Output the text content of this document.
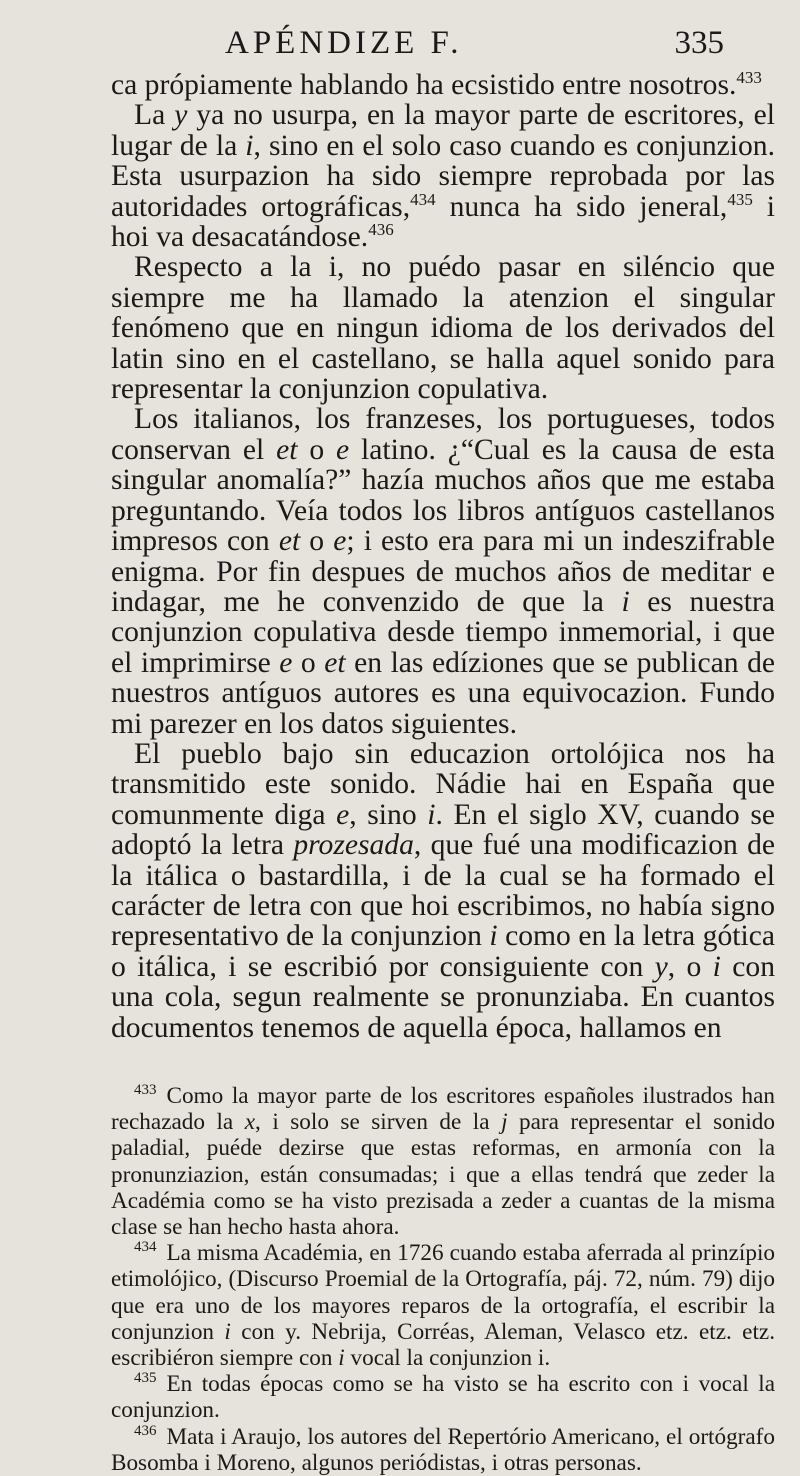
APÉNDIZE F.	335

ca própiamente hablando ha ecsistido entre nosotros.$^{433}$

La y ya no usurpa, en la mayor parte de escritores, el lugar de la i, sino en el solo caso cuando es conjunzion. Esta usurpazion ha sido siempre reprobada por las autoridades ortográficas,$^{434}$ nunca ha sido jeneral,$^{435}$ i hoi va desacatándose.$^{436}$

Respecto a la i, no puédo pasar en siléncio que siempre me ha llamado la atenzion el singular fenómeno que en ningun idioma de los derivados del latin sino en el castellano, se halla aquel sonido para representar la conjunzion copulativa.

Los italianos, los franzeses, los portugueses, todos conservan el et o e latino. ¿“Cual es la causa de esta singular anomalía?” hazía muchos años que me estaba preguntando. Veía todos los libros antíguos castellanos impresos con et o e; i esto era para mi un indeszifrable enigma. Por fin despues de muchos años de meditar e indagar, me he convenzido de que la i es nuestra conjunzion copulativa desde tiempo inmemorial, i que el imprimirse e o et en las edíziones que se publican de nuestros antíguos autores es una equivocazion. Fundo mi parezer en los datos siguientes.

El pueblo bajo sin educazion ortolójica nos ha transmitido este sonido. Nádie hai en España que comunmente diga e, sino i. En el siglo XV, cuando se adoptó la letra prozesada, que fué una modificazion de la itálica o bastardilla, i de la cual se ha formado el carácter de letra con que hoi escribimos, no había signo representativo de la conjunzion i como en la letra gótica o itálica, i se escribió por consiguiente con y, o i con una cola, segun realmente se pronunziaba. En cuantos documentos tenemos de aquella época, hallamos en

$^{433}$ Como la mayor parte de los escritores españoles ilustrados han rechazado la x, i solo se sirven de la j para representar el sonido paladial, puéde dezirse que estas reformas, en armonía con la pronunziazion, están consumadas; i que a ellas tendrá que zeder la Académia como se ha visto prezisada a zeder a cuantas de la misma clase se han hecho hasta ahora.

$^{434}$ La misma Académia, en 1726 cuando estaba aferrada al prinzípio etimolójico, (Discurso Proemial de la Ortografía, páj. 72, núm. 79) dijo que era uno de los mayores reparos de la ortografía, el escribir la conjunzion i con y. Nebrija, Corréas, Aleman, Velasco etz. etz. etz. escribiéron siempre con i vocal la conjunzion i.

$^{435}$ En todas épocas como se ha visto se ha escrito con i vocal la conjunzion.

$^{436}$ Mata i Araujo, los autores del Repertório Americano, el ortógrafo Bosomba i Moreno, algunos periódistas, i otras personas.
